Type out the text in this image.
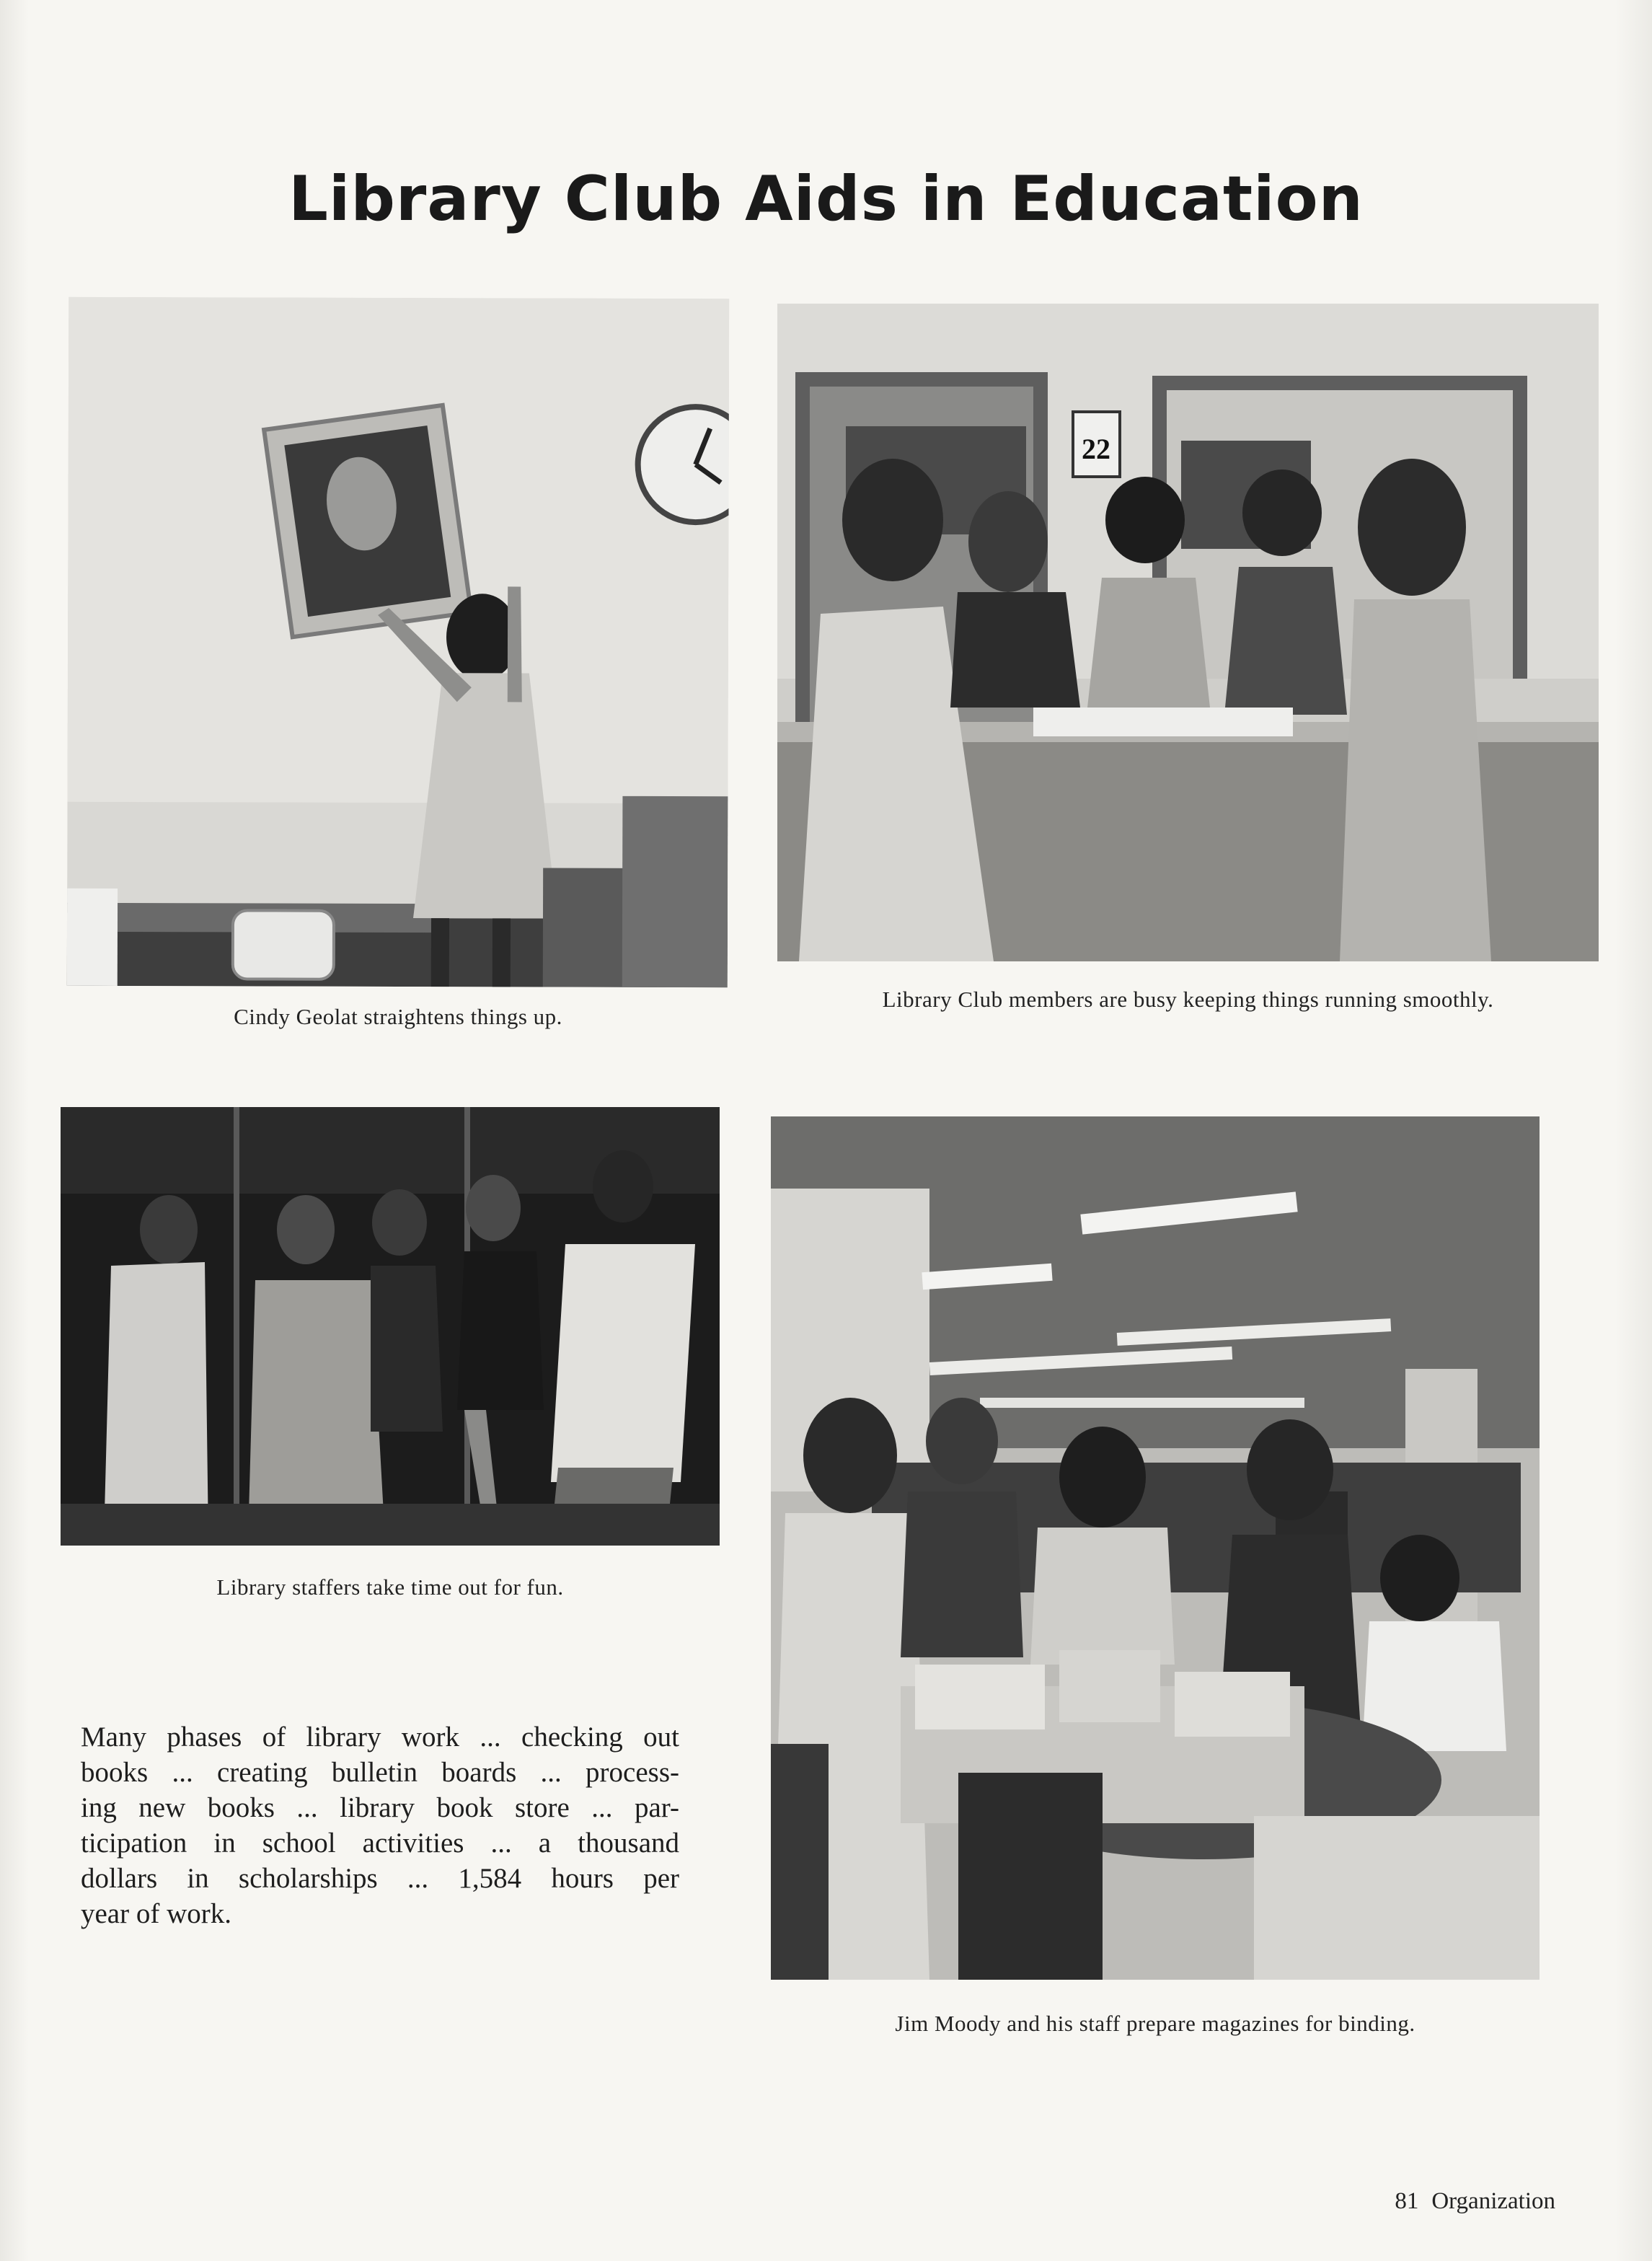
Library Club Aids in Education
Cindy Geolat straightens things up.
22
Library Club members are busy keeping things running smoothly.
Library staffers take time out for fun.
Jim Moody and his staff prepare magazines for binding.
Many phases of library work ... checking out
books ... creating bulletin boards ... process-
ing new books ... library book store ... par-
ticipation in school activities ... a thousand
dollars in scholarships ... 1,584 hours per
year of work.
81 Organization
